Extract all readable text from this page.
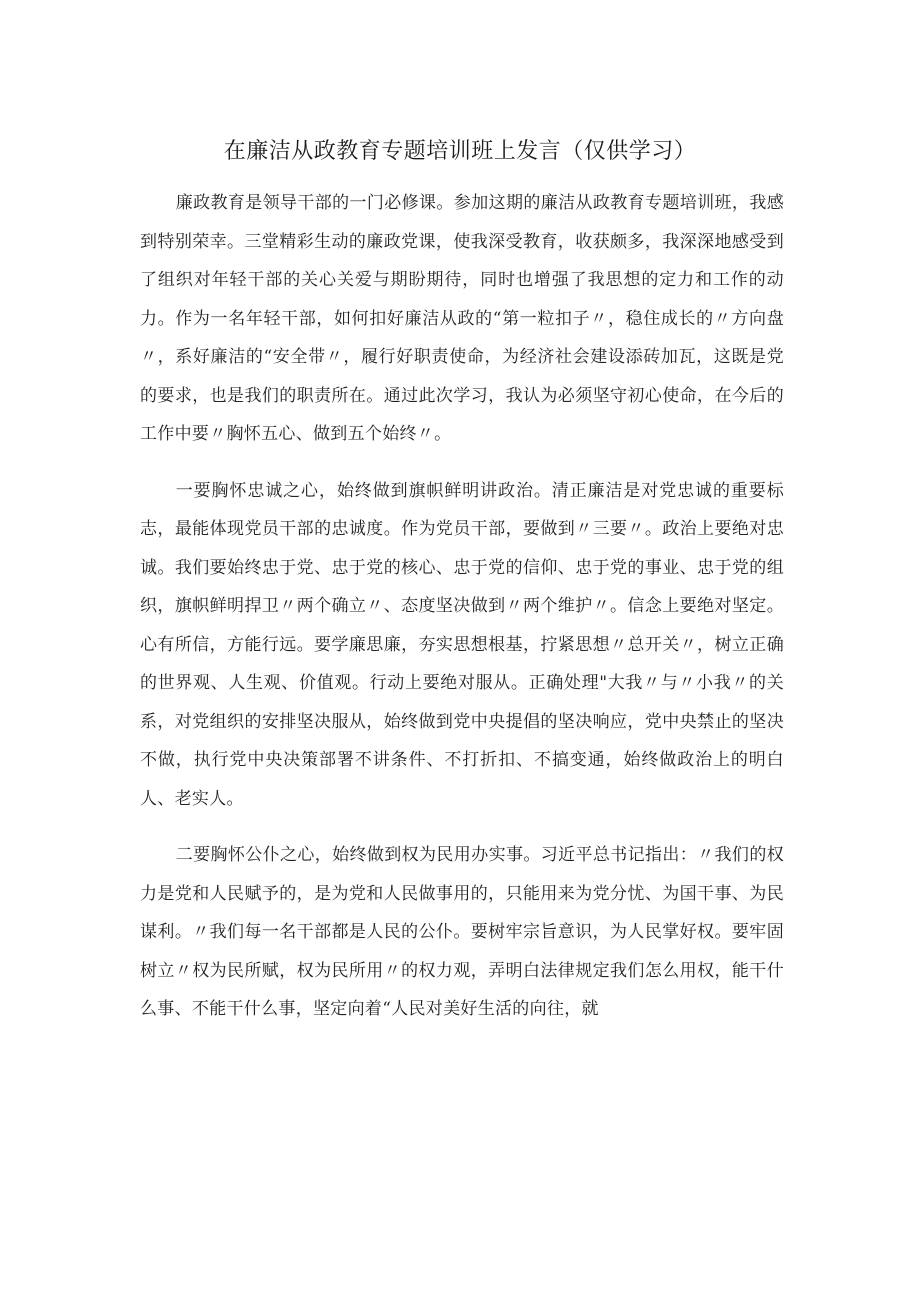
在廉洁从政教育专题培训班上发言（仅供学习）

廉政教育是领导干部的一门必修课。参加这期的廉洁从政教育专题培训班，我感到特别荣幸。三堂精彩生动的廉政党课，使我深受教育，收获颇多，我深深地感受到了组织对年轻干部的关心关爱与期盼期待，同时也增强了我思想的定力和工作的动力。作为一名年轻干部，如何扣好廉洁从政的“第一粒扣子〃，稳住成长的〃方向盘〃，系好廉洁的“安全带〃，履行好职责使命，为经济社会建设添砖加瓦，这既是党的要求，也是我们的职责所在。通过此次学习，我认为必须坚守初心使命，在今后的工作中要〃胸怀五心、做到五个始终〃。

一要胸怀忠诚之心，始终做到旗帜鲜明讲政治。清正廉洁是对党忠诚的重要标志，最能体现党员干部的忠诚度。作为党员干部，要做到〃三要〃。政治上要绝对忠诚。我们要始终忠于党、忠于党的核心、忠于党的信仰、忠于党的事业、忠于党的组织，旗帜鲜明捍卫〃两个确立〃、态度坚决做到〃两个维护〃。信念上要绝对坚定。心有所信，方能行远。要学廉思廉，夯实思想根基，拧紧思想〃总开关〃，树立正确的世界观、人生观、价值观。行动上要绝对服从。正确处理"大我〃与〃小我〃的关系，对党组织的安排坚决服从，始终做到党中央提倡的坚决响应，党中央禁止的坚决不做，执行党中央决策部署不讲条件、不打折扣、不搞变通，始终做政治上的明白人、老实人。

二要胸怀公仆之心，始终做到权为民用办实事。习近平总书记指出：〃我们的权力是党和人民赋予的，是为党和人民做事用的，只能用来为党分忧、为国干事、为民谋利。〃我们每一名干部都是人民的公仆。要树牢宗旨意识，为人民掌好权。要牢固树立〃权为民所赋，权为民所用〃的权力观，弄明白法律规定我们怎么用权，能干什么事、不能干什么事，坚定向着“人民对美好生活的向往，就
